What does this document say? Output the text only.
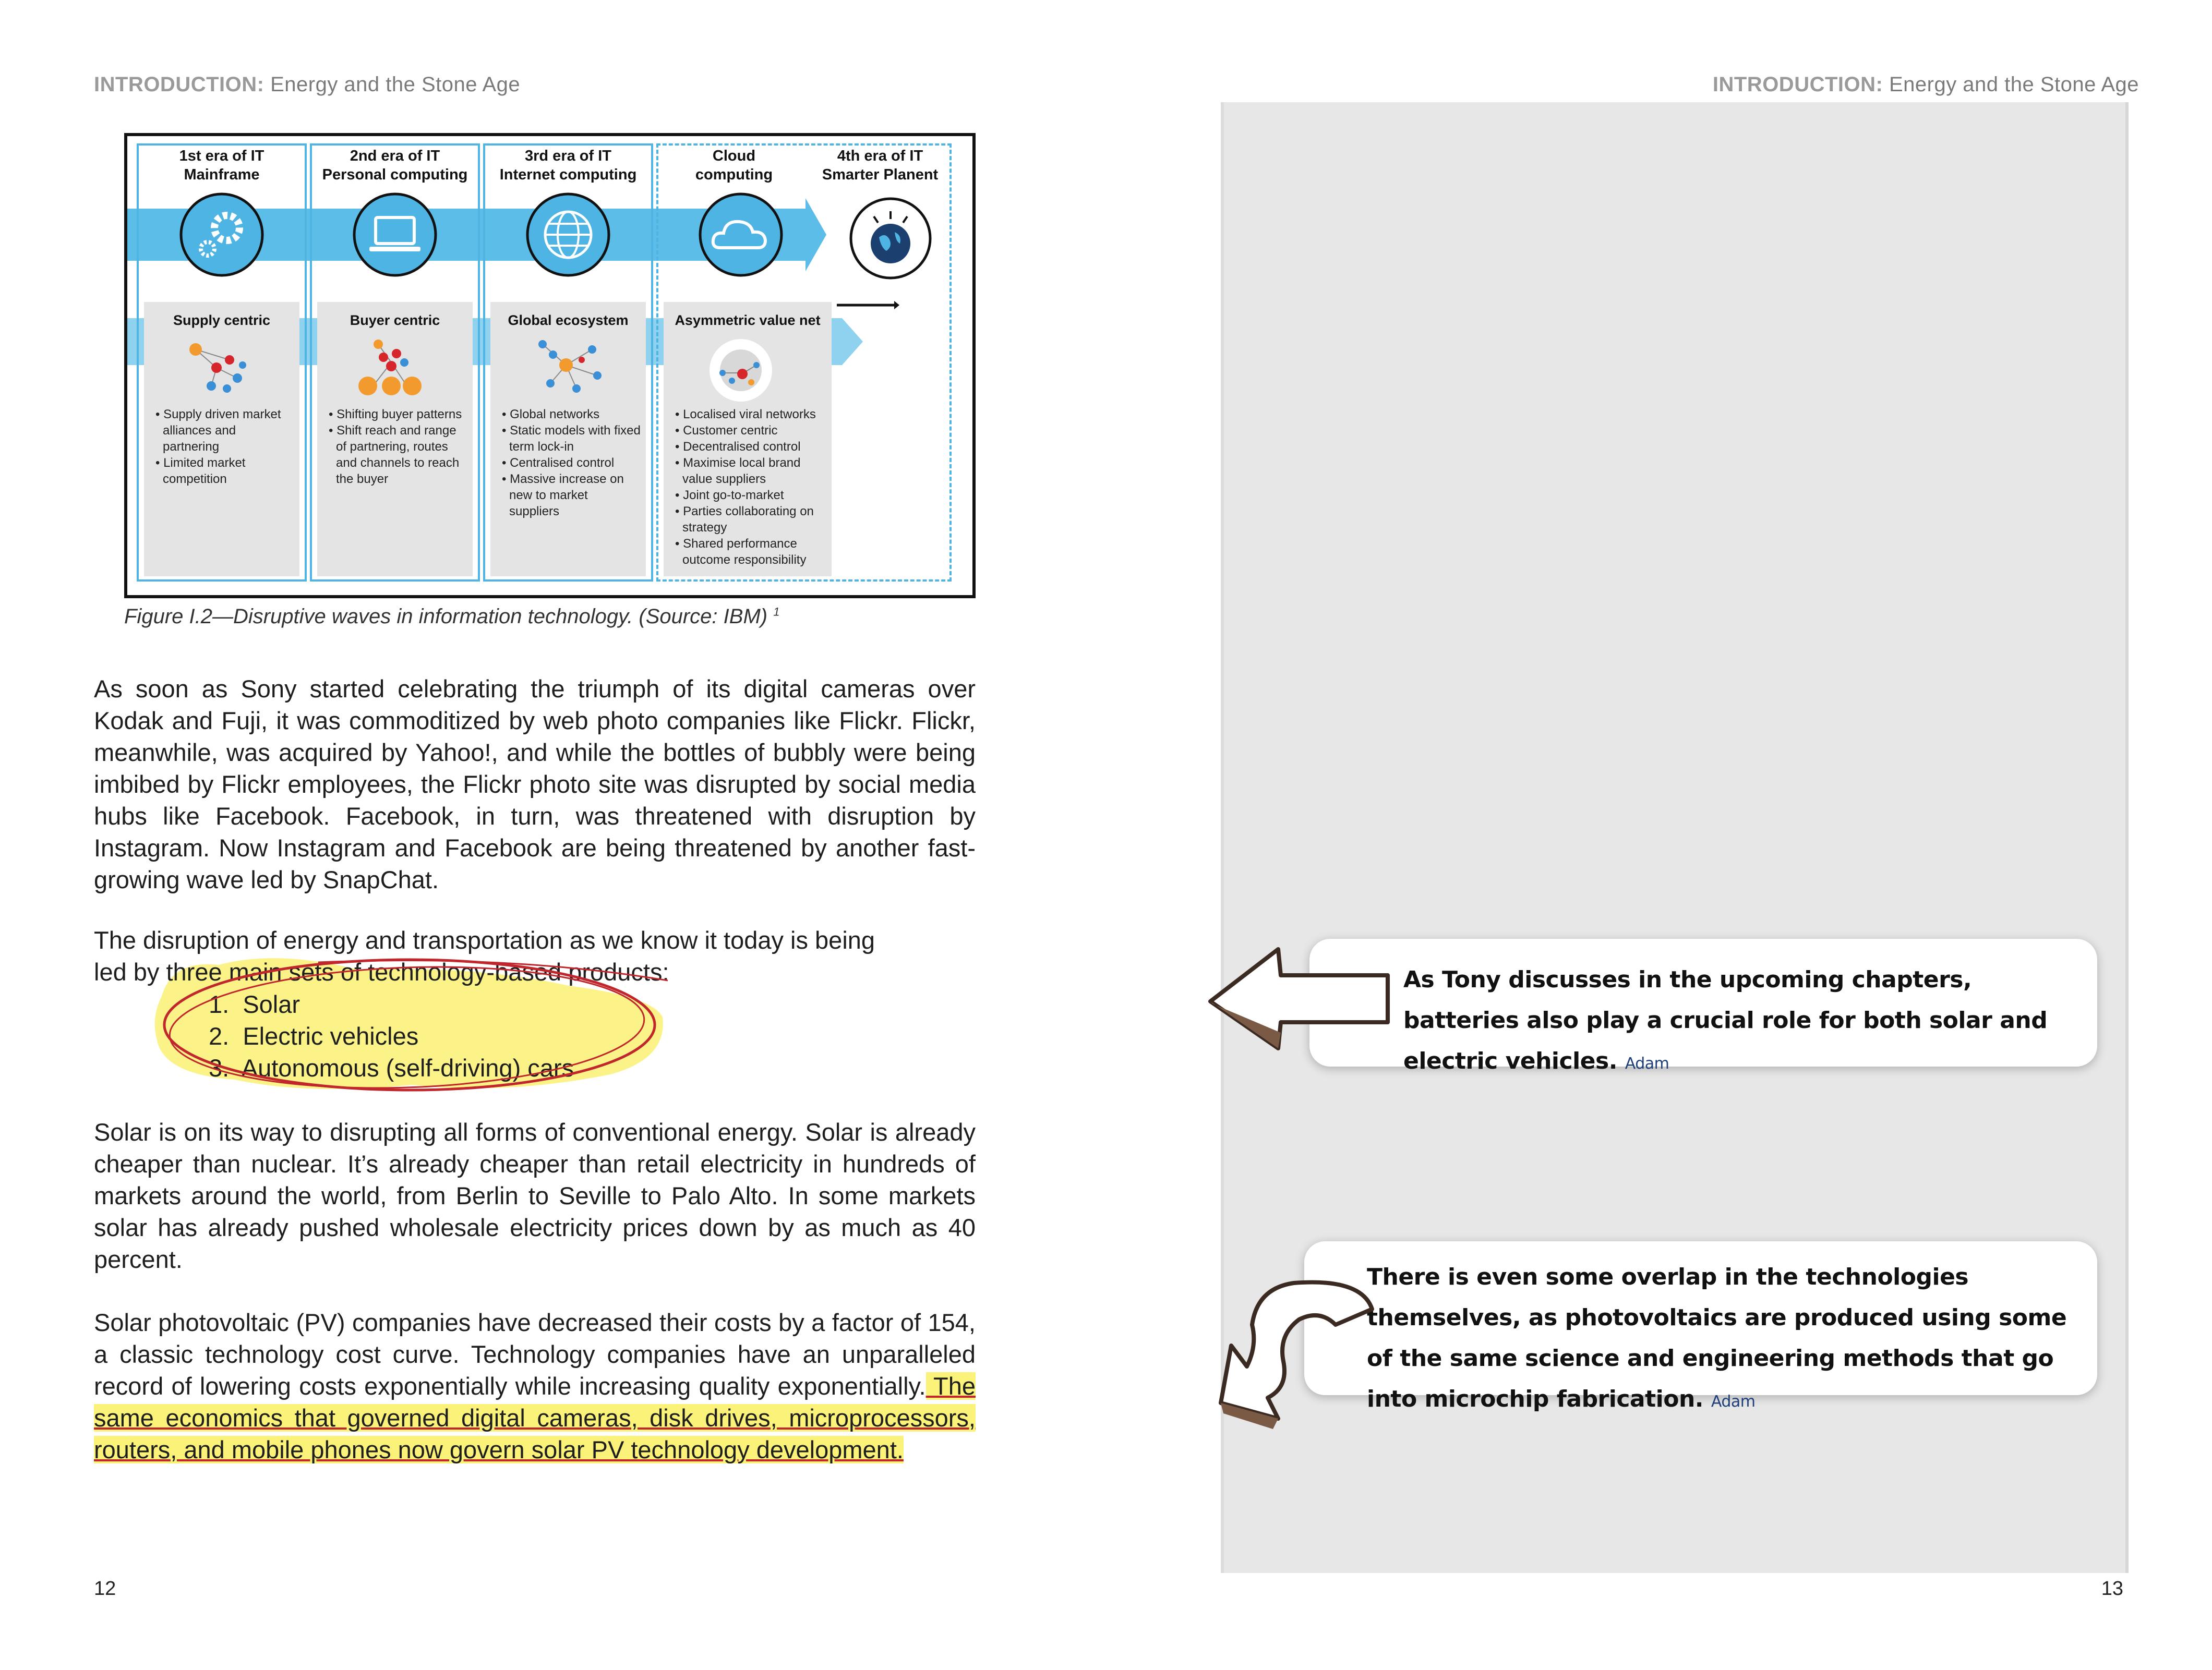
INTRODUCTION: Energy and the Stone Age	INTRODUCTION: Energy and the Stone Age
1st era of IT
Mainframe
Supply centric
• Supply driven market alliances and partnering
• Limited market competition
2nd era of IT
Personal computing
Buyer centric
• Shifting buyer patterns
• Shift reach and range of partnering, routes and channels to reach the buyer
3rd era of IT
Internet computing
Global ecosystem
• Global networks
• Static models with fixed term lock-in
• Centralised control
• Massive increase on new to market suppliers
Cloud
computing
4th era of IT
Smarter Planent
Asymmetric value net
• Localised viral networks
• Customer centric
• Decentralised control
• Maximise local brand value suppliers
• Joint go-to-market
• Parties collaborating on strategy
• Shared performance outcome responsibility
Figure I.2—Disruptive waves in information technology. (Source: IBM) $^1$
As soon as Sony started celebrating the triumph of its digital cameras over Kodak and Fuji, it was commoditized by web photo companies like Flickr. Flickr, meanwhile, was acquired by Yahoo!, and while the bottles of bubbly were being imbibed by Flickr employees, the Flickr photo site was disrupted by social media hubs like Facebook. Facebook, in turn, was threatened with disruption by Instagram. Now Instagram and Facebook are being threatened by another fast-growing wave led by SnapChat.
The disruption of energy and transportation as we know it today is being
led by three main sets of technology-based products:
1.  Solar
2.  Electric vehicles
3.  Autonomous (self-driving) cars
Solar is on its way to disrupting all forms of conventional energy. Solar is already cheaper than nuclear. It’s already cheaper than retail electricity in hundreds of markets around the world, from Berlin to Seville to Palo Alto. In some markets solar has already pushed wholesale electricity prices down by as much as 40 percent.
Solar photovoltaic (PV) companies have decreased their costs by a factor of 154, a classic technology cost curve. Technology companies have an unparalleled record of lowering costs exponentially while increasing quality exponentially. The same economics that governed digital cameras, disk drives, microprocessors, routers, and mobile phones now govern solar PV technology development.
12	13
As Tony discusses in the upcoming chapters, batteries also play a crucial role for both solar and electric vehicles. Adam
There is even some overlap in the technologies themselves, as photovoltaics are produced using some of the same science and engineering methods that go into microchip fabrication. Adam
